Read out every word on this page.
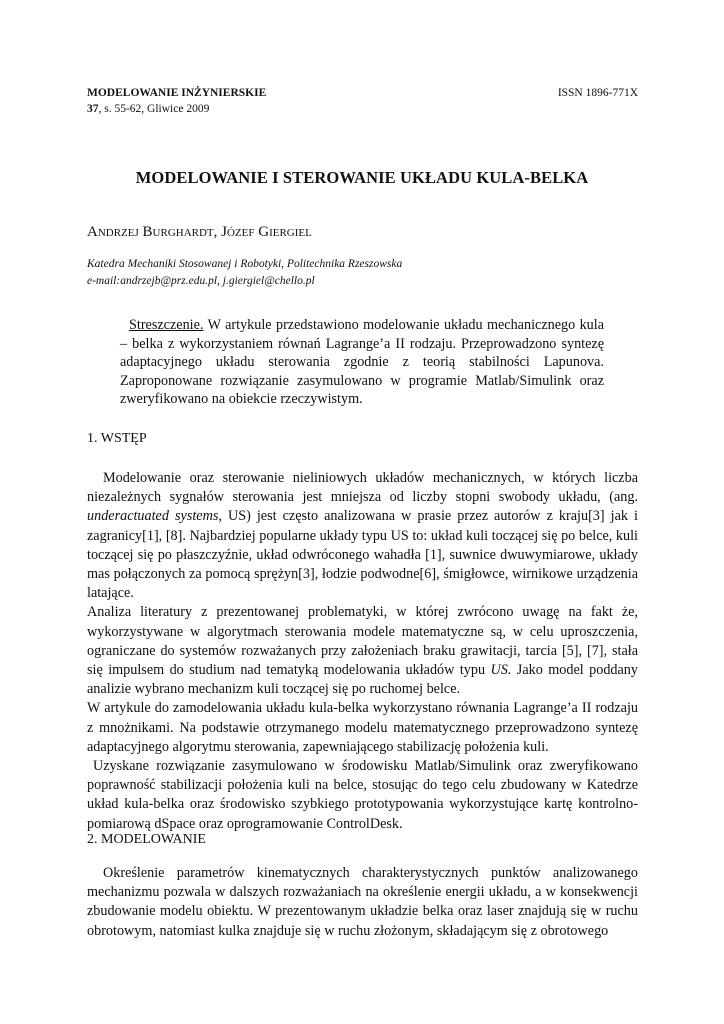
MODELOWANIE INŻYNIERSKIE
37, s. 55-62, Gliwice 2009
ISSN 1896-771X
MODELOWANIE I STEROWANIE UKŁADU KULA-BELKA
Andrzej Burghardt, Józef Giergiel
Katedra Mechaniki Stosowanej i Robotyki, Politechnika Rzeszowska
e-mail:andrzejb@prz.edu.pl, j.giergiel@chello.pl
Streszczenie. W artykule przedstawiono modelowanie układu mechanicznego kula – belka z wykorzystaniem równań Lagrange’a II rodzaju. Przeprowadzono syntezę adaptacyjnego układu sterowania zgodnie z teorią stabilności Lapunova. Zaproponowane rozwiązanie zasymulowano w programie Matlab/Simulink oraz zweryfikowano na obiekcie rzeczywistym.
1. WSTĘP

Modelowanie oraz sterowanie nieliniowych układów mechanicznych, w których liczba niezależnych sygnałów sterowania jest mniejsza od liczby stopni swobody układu, (ang. underactuated systems, US) jest często analizowana w prasie przez autorów z kraju[3] jak i zagranicy[1], [8]. Najbardziej popularne układy typu US to: układ kuli toczącej się po belce, kuli toczącej się po płaszczyźnie, układ odwróconego wahadła [1], suwnice dwuwymiarowe, układy mas połączonych za pomocą sprężyn[3], łodzie podwodne[6], śmigłowce, wirnikowe urządzenia latające.

Analiza literatury z prezentowanej problematyki, w której zwrócono uwagę na fakt że, wykorzystywane w algorytmach sterowania modele matematyczne są, w celu uproszczenia, ograniczane do systemów rozważanych przy założeniach braku grawitacji, tarcia [5], [7], stała się impulsem do studium nad tematyką modelowania układów typu US. Jako model poddany analizie wybrano mechanizm kuli toczącej się po ruchomej belce.

W artykule do zamodelowania układu kula-belka wykorzystano równania Lagrange’a II rodzaju z mnożnikami. Na podstawie otrzymanego modelu matematycznego przeprowadzono syntezę adaptacyjnego algorytmu sterowania, zapewniającego stabilizację położenia kuli.

Uzyskane rozwiązanie zasymulowano w środowisku Matlab/Simulink oraz zweryfikowano poprawność stabilizacji położenia kuli na belce, stosując do tego celu zbudowany w Katedrze układ kula-belka oraz środowisko szybkiego prototypowania wykorzystujące kartę kontrolno-pomiarową dSpace oraz oprogramowanie ControlDesk.

2. MODELOWANIE

Określenie parametrów kinematycznych charakterystycznych punktów analizowanego mechanizmu pozwala w dalszych rozważaniach na określenie energii układu, a w konsekwencji zbudowanie modelu obiektu. W prezentowanym układzie belka oraz laser znajdują się w ruchu obrotowym, natomiast kulka znajduje się w ruchu złożonym, składającym się z obrotowego
